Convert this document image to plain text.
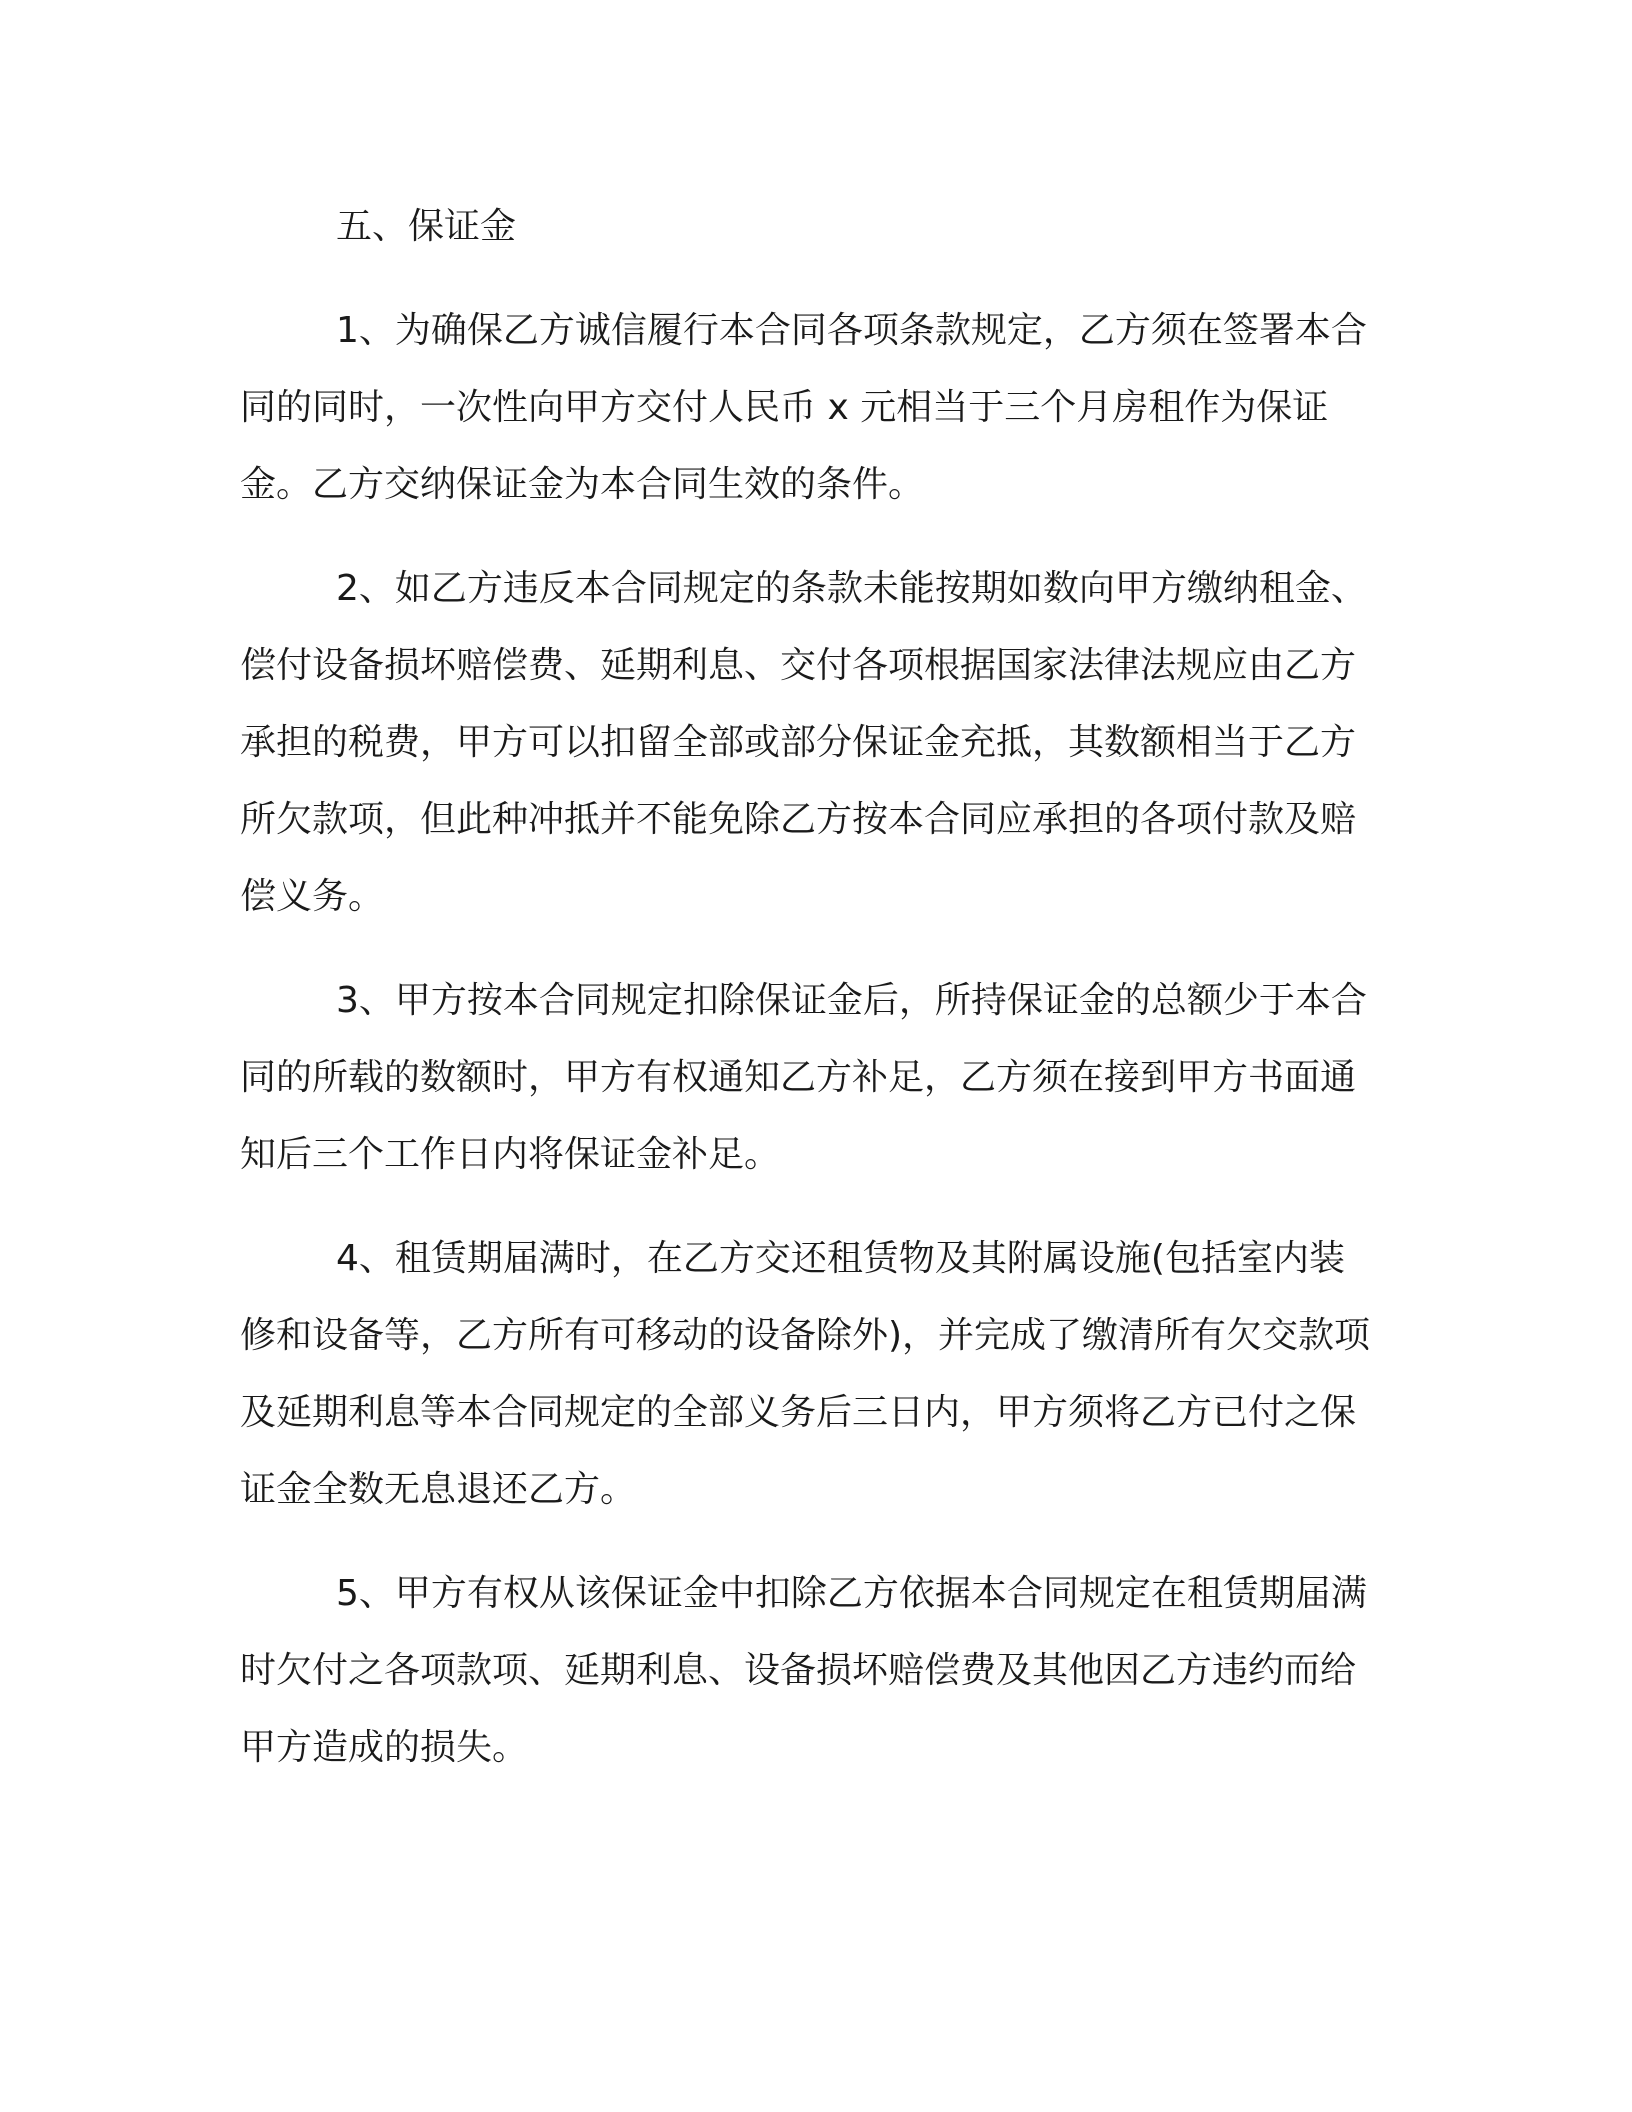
五、保证金

1、为确保乙方诚信履行本合同各项条款规定，乙方须在签署本合同的同时，一次性向甲方交付人民币 x 元相当于三个月房租作为保证金。乙方交纳保证金为本合同生效的条件。

2、如乙方违反本合同规定的条款未能按期如数向甲方缴纳租金、偿付设备损坏赔偿费、延期利息、交付各项根据国家法律法规应由乙方承担的税费，甲方可以扣留全部或部分保证金充抵，其数额相当于乙方所欠款项，但此种冲抵并不能免除乙方按本合同应承担的各项付款及赔偿义务。

3、甲方按本合同规定扣除保证金后，所持保证金的总额少于本合同的所载的数额时，甲方有权通知乙方补足，乙方须在接到甲方书面通知后三个工作日内将保证金补足。

4、租赁期届满时，在乙方交还租赁物及其附属设施(包括室内装修和设备等，乙方所有可移动的设备除外)，并完成了缴清所有欠交款项及延期利息等本合同规定的全部义务后三日内，甲方须将乙方已付之保证金全数无息退还乙方。

5、甲方有权从该保证金中扣除乙方依据本合同规定在租赁期届满时欠付之各项款项、延期利息、设备损坏赔偿费及其他因乙方违约而给甲方造成的损失。
